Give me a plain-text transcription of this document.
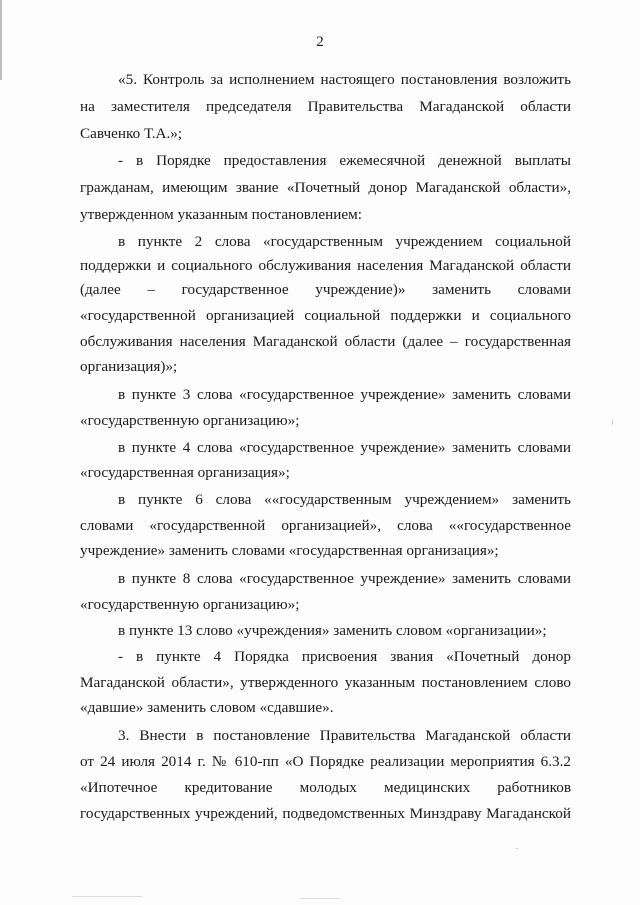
2
«5. Контроль за исполнением настоящего постановления возложить
на заместителя председателя Правительства Магаданской области
Савченко Т.А.»;
- в Порядке предоставления ежемесячной денежной выплаты
гражданам, имеющим звание «Почетный донор Магаданской области»,
утвержденном указанным постановлением:
в пункте 2 слова «государственным учреждением социальной
поддержки и социального обслуживания населения Магаданской области
(далее – государственное учреждение)» заменить словами
«государственной организацией социальной поддержки и социального
обслуживания населения Магаданской области (далее – государственная
организация)»;
в пункте 3 слова «государственное учреждение» заменить словами
«государственную организацию»;
в пункте 4 слова «государственное учреждение» заменить словами
«государственная организация»;
в пункте 6 слова ««государственным учреждением» заменить
словами «государственной организацией», слова ««государственное
учреждение» заменить словами «государственная организация»;
в пункте 8 слова «государственное учреждение» заменить словами
«государственную организацию»;
в пункте 13 слово «учреждения» заменить словом «организации»;
- в пункте 4 Порядка присвоения звания «Почетный донор
Магаданской области», утвержденного указанным постановлением слово
«давшие» заменить словом «сдавшие».
3. Внести в постановление Правительства Магаданской области
от 24 июля 2014 г. № 610-пп «О Порядке реализации мероприятия 6.3.2
«Ипотечное кредитование молодых медицинских работников
государственных учреждений, подведомственных Минздраву Магаданской
